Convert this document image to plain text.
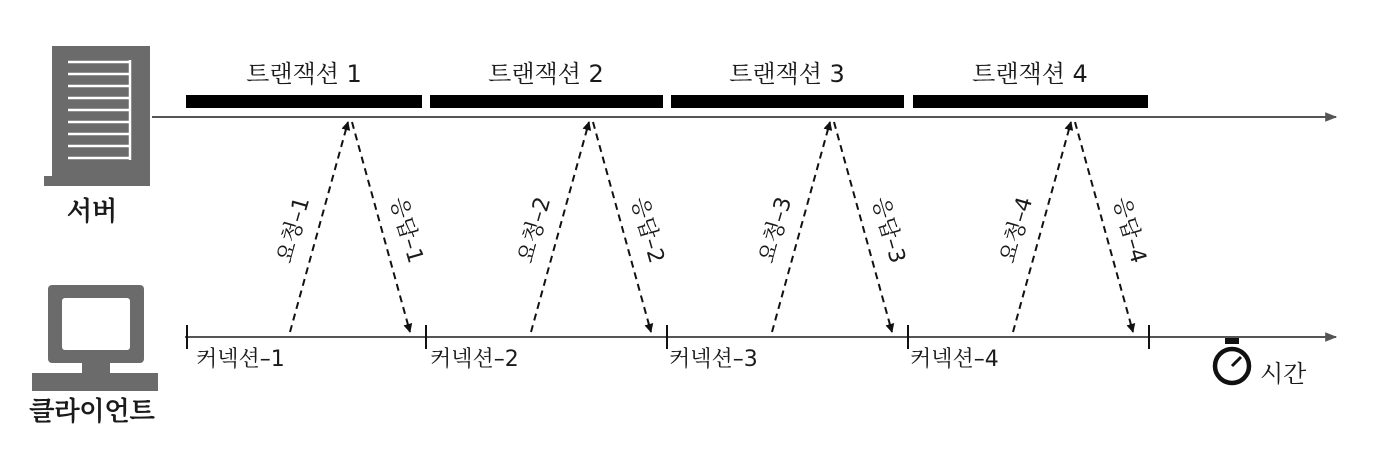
서버
클라이언트
트랜잭션 1
요청–1	응답–1
커넥션–1
트랜잭션 2
요청–2	응답–2
커넥션–2
트랜잭션 3
요청–3	응답–3
커넥션–3
트랜잭션 4
요청–4	응답–4
커넥션–4
시간
